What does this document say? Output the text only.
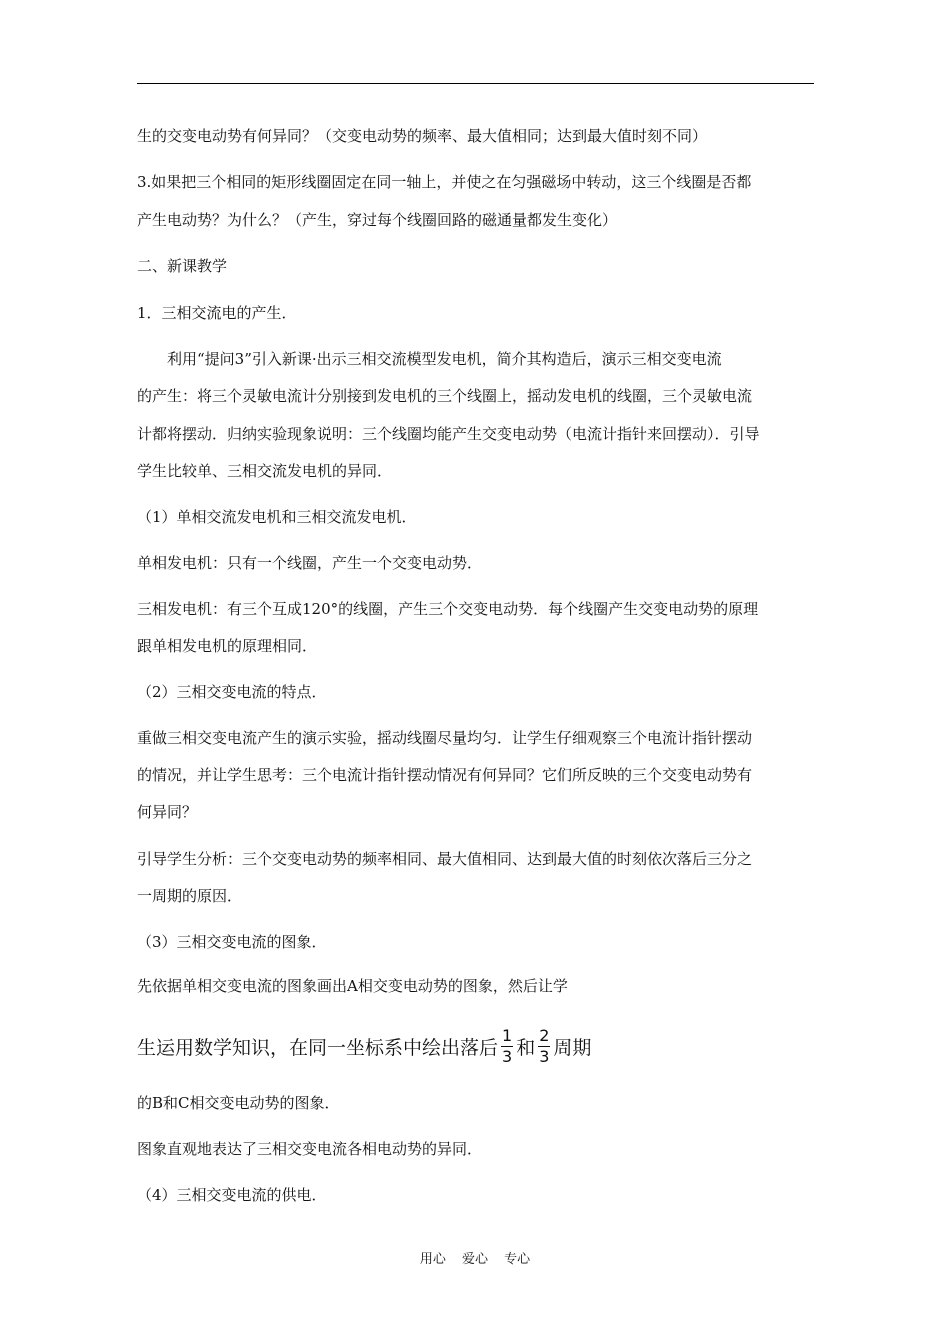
生的交变电动势有何异同？（交变电动势的频率、最大值相同；达到最大值时刻不同）
3.如果把三个相同的矩形线圈固定在同一轴上，并使之在匀强磁场中转动，这三个线圈是否都
产生电动势？为什么？（产生，穿过每个线圈回路的磁通量都发生变化）
二、新课教学
1．三相交流电的产生．
利用“提问3”引入新课·出示三相交流模型发电机，简介其构造后，演示三相交变电流
的产生：将三个灵敏电流计分别接到发电机的三个线圈上，摇动发电机的线圈，三个灵敏电流
计都将摆动．归纳实验现象说明：三个线圈均能产生交变电动势（电流计指针来回摆动）．引导
学生比较单、三相交流发电机的异同．
（1）单相交流发电机和三相交流发电机．
单相发电机：只有一个线圈，产生一个交变电动势．
三相发电机：有三个互成120°的线圈，产生三个交变电动势．每个线圈产生交变电动势的原理
跟单相发电机的原理相同．
（2）三相交变电流的特点．
重做三相交变电流产生的演示实验，摇动线圈尽量均匀．让学生仔细观察三个电流计指针摆动
的情况，并让学生思考：三个电流计指针摆动情况有何异同？它们所反映的三个交变电动势有
何异同？
引导学生分析：三个交变电动势的频率相同、最大值相同、达到最大值的时刻依次落后三分之
一周期的原因．
（3）三相交变电流的图象．
先依据单相交变电流的图象画出A相交变电动势的图象，然后让学
生运用数学知识，在同一坐标系中绘出落后 $\frac{1}{3}$ 和 $\frac{2}{3}$ 周期
的B和C相交变电动势的图象．
图象直观地表达了三相交变电流各相电动势的异同．
（4）三相交变电流的供电．
用心 爱心 专心
